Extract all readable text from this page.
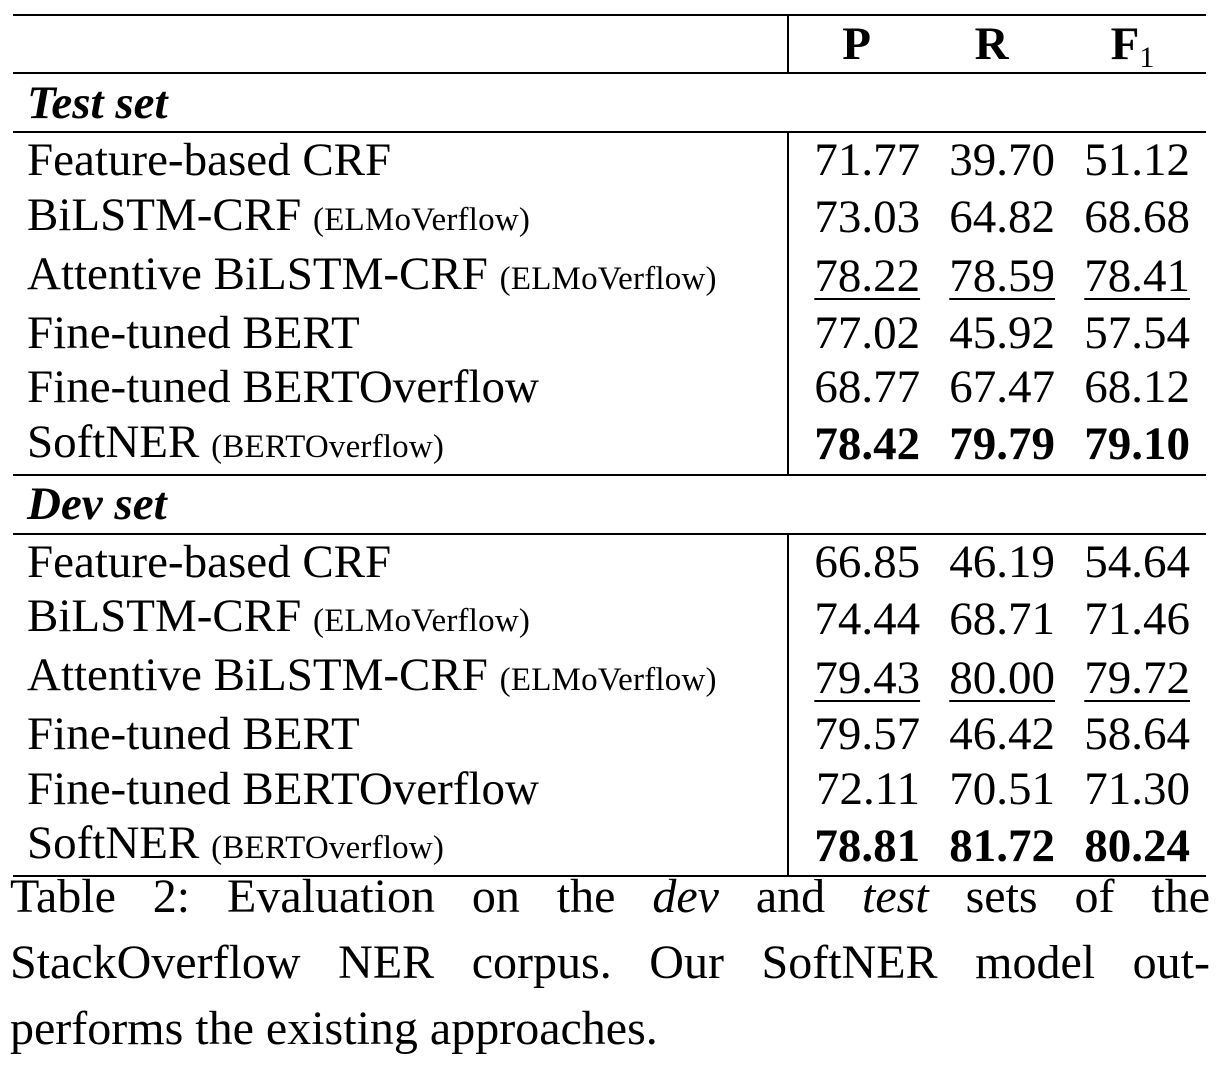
	P	R	$F_1$
Test set			
Feature-based CRF	71.77	39.70	51.12
BiLSTM-CRF (ELMoVerflow)	73.03	64.82	68.68
Attentive BiLSTM-CRF (ELMoVerflow)	78.22	78.59	78.41
Fine-tuned BERT	77.02	45.92	57.54
Fine-tuned BERTOverflow	68.77	67.47	68.12
SoftNER (BERTOverflow)	78.42	79.79	79.10
Dev set			
Feature-based CRF	66.85	46.19	54.64
BiLSTM-CRF (ELMoVerflow)	74.44	68.71	71.46
Attentive BiLSTM-CRF (ELMoVerflow)	79.43	80.00	79.72
Fine-tuned BERT	79.57	46.42	58.64
Fine-tuned BERTOverflow	72.11	70.51	71.30
SoftNER (BERTOverflow)	78.81	81.72	80.24
Table 2: Evaluation on the dev and test sets of the StackOverflow NER corpus. Our SoftNER model outperforms the existing approaches.
